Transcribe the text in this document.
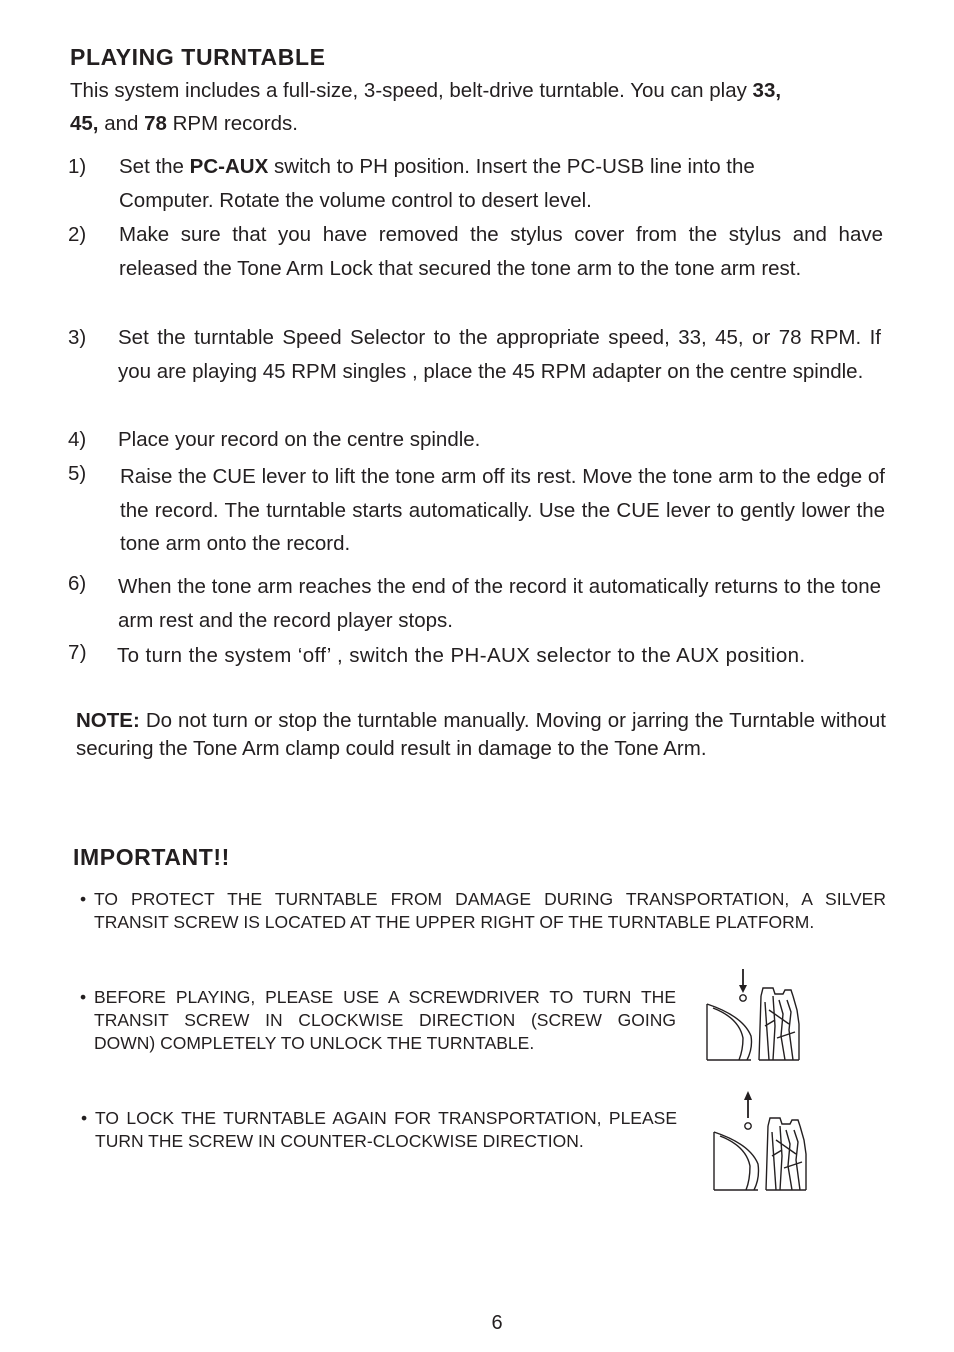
PLAYING TURNTABLE
This system includes a full-size, 3-speed, belt-drive turntable. You can play 33,
45, and 78 RPM records.
1)	Set the PC-AUX switch to PH position. Insert the PC-USB line into the Computer. Rotate the volume control to desert level.
2)	Make sure that you have removed the stylus cover from the stylus and have released the Tone Arm Lock that secured the tone arm to the tone arm rest.
3)	Set the turntable Speed Selector to the appropriate speed, 33, 45, or 78 RPM. If you are playing 45 RPM singles , place the 45 RPM adapter on the centre spindle.
4)	Place your record on the centre spindle.
5)	Raise the CUE lever to lift the tone arm off its rest. Move the tone arm to the edge of the record. The turntable starts automatically. Use the CUE lever to gently lower the tone arm onto the record.
6)	When the tone arm reaches the end of the record it automatically returns to the tone arm rest and the record player stops.
7)	To turn the system ‘off’ , switch the PH-AUX selector to the AUX position.
NOTE: Do not turn or stop the turntable manually. Moving or jarring the Turntable without securing the Tone Arm clamp could result in damage to the Tone Arm.
IMPORTANT!!
• TO PROTECT THE TURNTABLE FROM DAMAGE DURING TRANSPORTATION, A SILVER TRANSIT SCREW IS LOCATED AT THE UPPER RIGHT OF THE TURNTABLE PLATFORM.
• BEFORE PLAYING, PLEASE USE A SCREWDRIVER TO TURN THE TRANSIT SCREW IN CLOCKWISE DIRECTION (SCREW GOING DOWN) COMPLETELY TO UNLOCK THE TURNTABLE.
• TO LOCK THE TURNTABLE AGAIN FOR TRANSPORTATION, PLEASE TURN THE SCREW IN COUNTER-CLOCKWISE DIRECTION.
6
